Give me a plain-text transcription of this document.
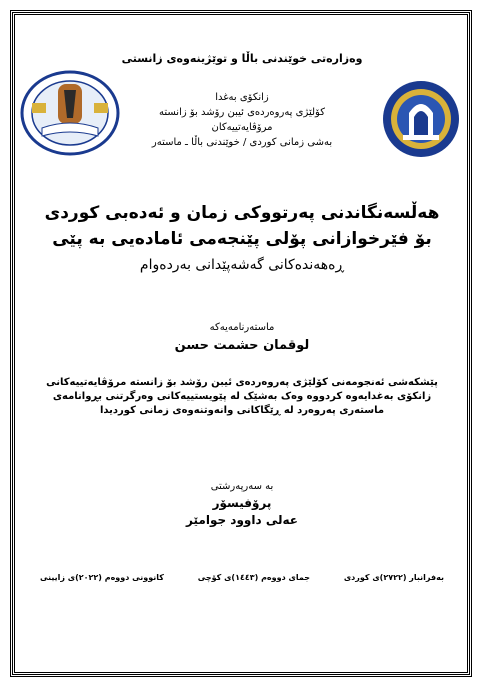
وەزارەتی خوێندنی باڵا و توێژینەوەی زانستی
زانکۆی بەغدا
کۆلێژی پەروەردەی ئیبن رۆشد بۆ زانستە
مرۆڤایەتییەکان
بەشی زمانی کوردی / خوێندنی باڵا ـ ماستەر
هەڵسەنگاندنی پەرتووکی زمان و ئەدەبی کوردی
بۆ فێرخوازانی پۆلی پێنجەمی ئامادەیی بە پێی
ڕەهەندەکانی گەشەپێدانی بەردەوام
ماستەرنامەیەکە
لوقمان حشمت حسن
پێشکەشی ئەنجومەنی کۆلێژی پەروەردەی ئیبن رۆشد بۆ زانستە مرۆڤایەتییەکانی
زانکۆی بەغدایەوە کردووە وەک بەشێک لە پێویستییەکانی وەرگرتنی بڕوانامەی
ماستەری پەروەرد لە ڕێگاکانی وانەوتنەوەی زمانی کوردیدا
بە سەرپەرشتی
پرۆفیسۆر
عەلی داوود جوامێر
بەفرانبار (٢٧٢٢)ی کوردی
جمای دووەم (١٤٤٣)ی کۆچی
کانوونی دووەم (٢٠٢٢)ی زایینی
